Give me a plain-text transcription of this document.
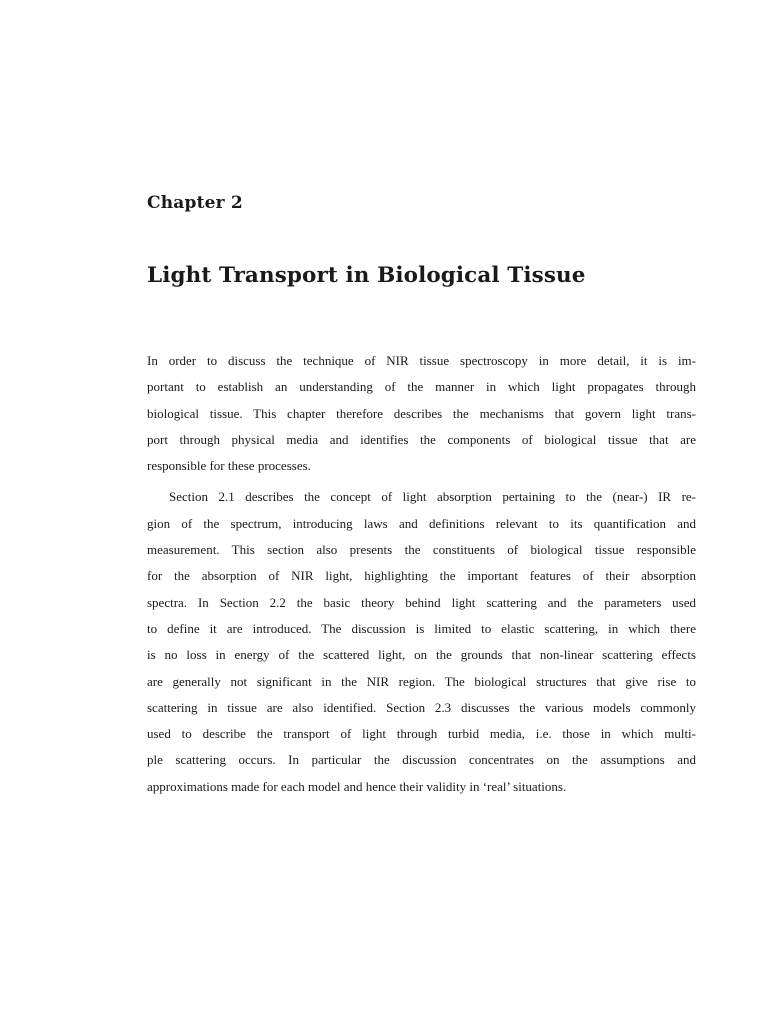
Chapter 2
Light Transport in Biological Tissue
In order to discuss the technique of NIR tissue spectroscopy in more detail, it is im-
portant to establish an understanding of the manner in which light propagates through
biological tissue. This chapter therefore describes the mechanisms that govern light trans-
port through physical media and identifies the components of biological tissue that are
responsible for these processes.
Section 2.1 describes the concept of light absorption pertaining to the (near-) IR re-
gion of the spectrum, introducing laws and definitions relevant to its quantification and
measurement. This section also presents the constituents of biological tissue responsible
for the absorption of NIR light, highlighting the important features of their absorption
spectra. In Section 2.2 the basic theory behind light scattering and the parameters used
to define it are introduced. The discussion is limited to elastic scattering, in which there
is no loss in energy of the scattered light, on the grounds that non-linear scattering effects
are generally not significant in the NIR region. The biological structures that give rise to
scattering in tissue are also identified. Section 2.3 discusses the various models commonly
used to describe the transport of light through turbid media, i.e. those in which multi-
ple scattering occurs. In particular the discussion concentrates on the assumptions and
approximations made for each model and hence their validity in ‘real’ situations.
